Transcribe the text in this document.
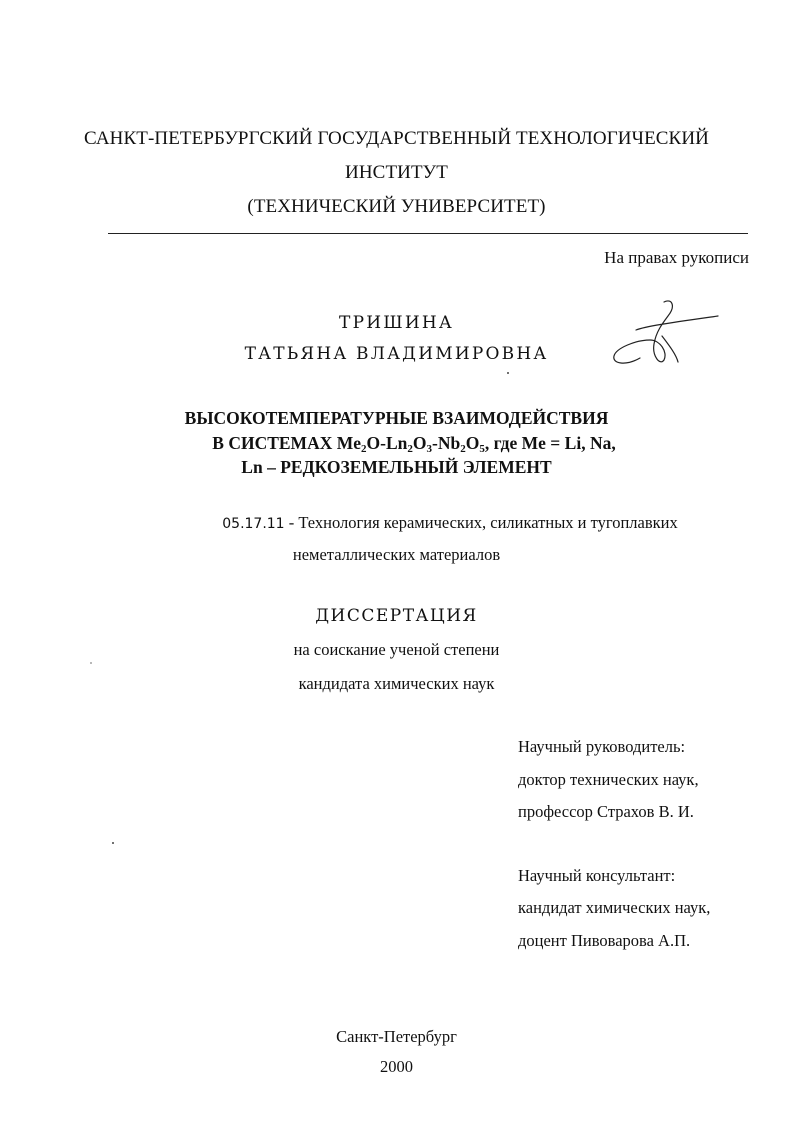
САНКТ-ПЕТЕРБУРГСКИЙ ГОСУДАРСТВЕННЫЙ ТЕХНОЛОГИЧЕСКИЙ
ИНСТИТУТ
(ТЕХНИЧЕСКИЙ УНИВЕРСИТЕТ)
На правах рукописи
ТРИШИНА
ТАТЬЯНА ВЛАДИМИРОВНА
ВЫСОКОТЕМПЕРАТУРНЫЕ ВЗАИМОДЕЙСТВИЯ
В СИСТЕМАХ $Me_2O-Ln_2O_3-Nb_2O_5$, где Me = Li, Na,
Ln – РЕДКОЗЕМЕЛЬНЫЙ ЭЛЕМЕНТ
05.17.11 - Технология керамических, силикатных и тугоплавких
неметаллических материалов
ДИССЕРТАЦИЯ
на соискание ученой степени
кандидата химических наук
Научный руководитель:
доктор технических наук,
профессор Страхов В. И.
Научный консультант:
кандидат химических наук,
доцент Пивоварова А.П.
Санкт-Петербург
2000
